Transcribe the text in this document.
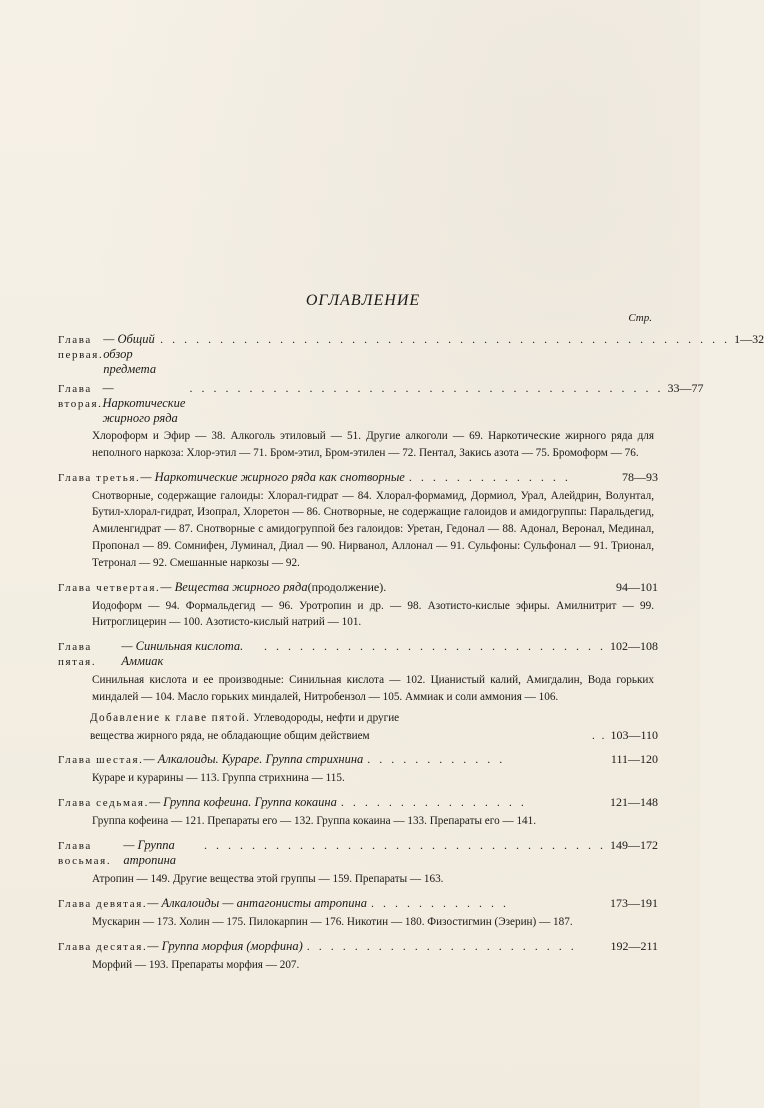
ОГЛАВЛЕНИЕ
Стр.
Глава первая.
— Общий обзор предмета
. . . . . . . . . . . . . . . . . . . . . . . . . . . . . . . . . . . . . . . . . . . . . . . . 1—32
Глава вторая.
— Наркотические жирного ряда
. . . . . . . . . . . . . . . . . . . . . . . . . . . . . . . . . . . . . . . . 33—77
Хлороформ и Эфир — 38. Алкоголь этиловый — 51. Другие алкоголи — 69. Наркотические жирного ряда для неполного наркоза: Хлор-этил — 71. Бром-этил, Бром-этилен — 72. Пентал, Закись азота — 75. Бромоформ — 76.
Глава третья. — Наркотические жирного ряда как снотворные . . . . . . . . . . . . . .	78—93
Снотворные, содержащие галоиды: Хлорал-гидрат — 84. Хлорал-формамид, Дормиол, Урал, Алейдрин, Волунтал, Бутил-хлорал-гидрат, Изопрал, Хлоретон — 86. Снотворные, не содержащие галоидов и амидогруппы: Паральдегид, Амиленгидрат — 87. Снотворные с амидогруппой без галоидов: Уретан, Гедонал — 88. Адонал, Веронал, Мединал, Пропонал — 89. Сомнифен, Луминал, Диал — 90. Нирванол, Аллонал — 91. Сульфоны: Сульфонал — 91. Трионал, Тетронал — 92. Смешанные наркозы — 92.
Глава четвертая. — Вещества жирного ряда (продолжение).	94—101
Иодоформ — 94. Формальдегид — 96. Уротропин и др. — 98. Азотисто-кислые эфиры. Амилнитрит — 99. Нитроглицерин — 100. Азотисто-кислый натрий — 101.
Глава пятая.
— Синильная кислота. Аммиак
. . . . . . . . . . . . . . . . . . . . . . . . . . . . . 102—108
Синильная кислота и ее производные: Синильная кислота — 102. Цианистый калий, Амигдалин, Вода горьких миндалей — 104. Масло горьких миндалей, Нитробензол — 105. Аммиак и соли аммония — 106.
Добавление к главе пятой. Углеводороды, нефти и другие
вещества жирного ряда, не обладающие общим действием	. . 103—110
Глава шестая. — Алкалоиды. Кураре. Группа стрихнина . . . . . . . . . . . .	111—120
Кураре и курарины — 113. Группа стрихнина — 115.
Глава седьмая. — Группа кофеина. Группа кокаина . . . . . . . . . . . . . . . .	121—148
Группа кофеина — 121. Препараты его — 132. Группа кокаина — 133. Препараты его — 141.
Глава восьмая.
— Группа атропина
. . . . . . . . . . . . . . . . . . . . . . . . . . . . . . . . . . 149—172
Атропин — 149. Другие вещества этой группы — 159. Препараты — 163.
Глава девятая. — Алкалоиды — антагонисты атропина . . . . . . . . . . . .	173—191
Мускарин — 173. Холин — 175. Пилокарпин — 176. Никотин — 180. Физостигмин (Эзерин) — 187.
Глава десятая. — Группа морфия (морфина) . . . . . . . . . . . . . . . . . . . . . . .	192—211
Морфий — 193. Препараты морфия — 207.
